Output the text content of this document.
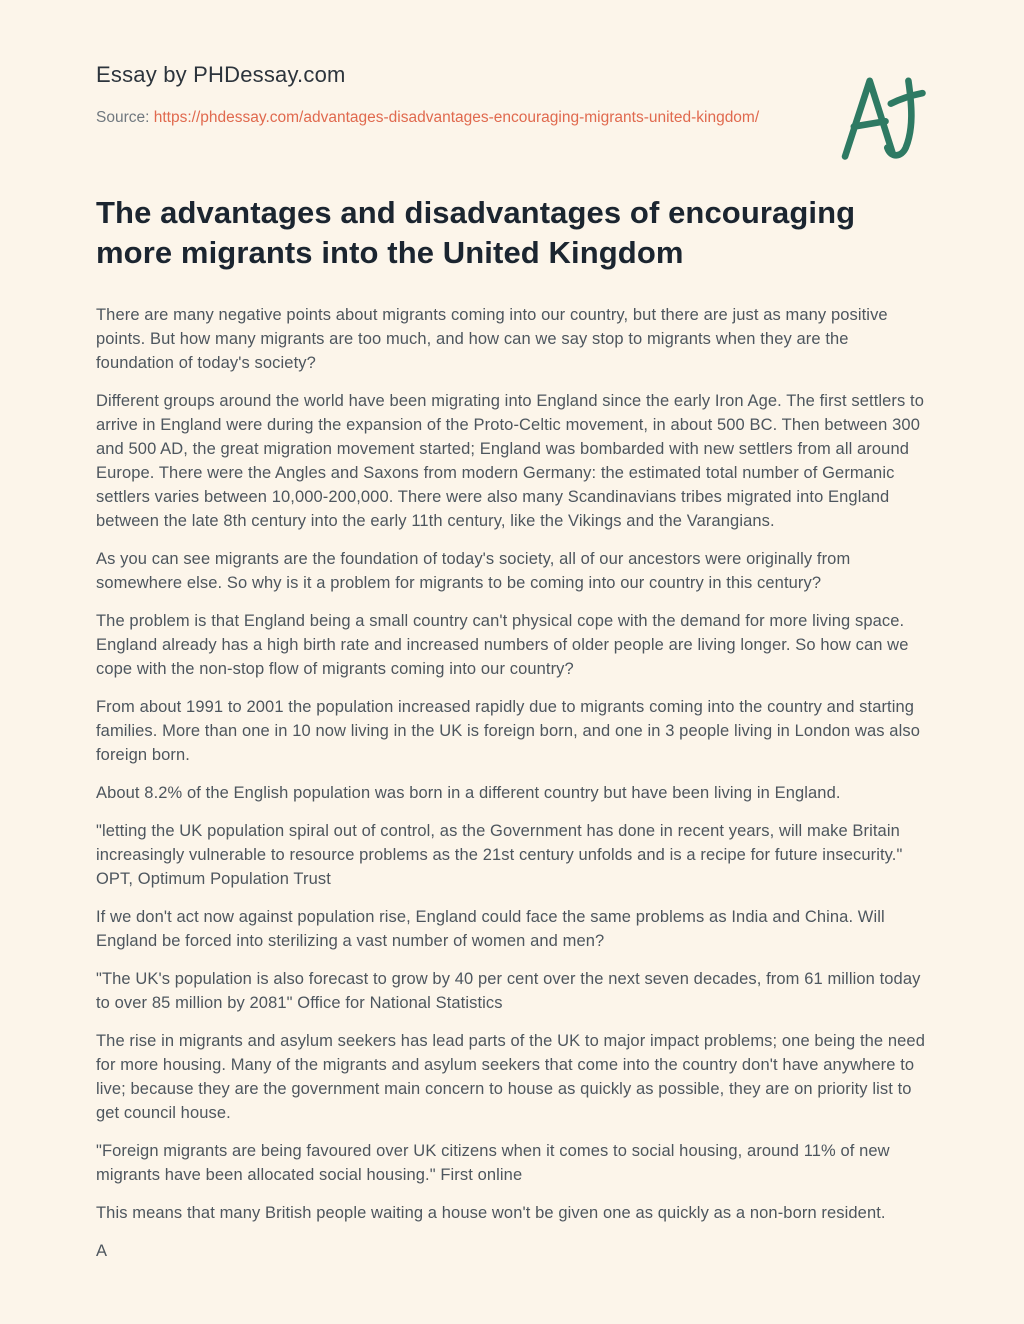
Essay by PHDessay.com
Source: https://phdessay.com/advantages-disadvantages-encouraging-migrants-united-kingdom/
The advantages and disadvantages of encouraging more migrants into the United Kingdom

There are many negative points about migrants coming into our country, but there are just as many positive points. But how many migrants are too much, and how can we say stop to migrants when they are the foundation of today's society?

Different groups around the world have been migrating into England since the early Iron Age. The first settlers to arrive in England were during the expansion of the Proto-Celtic movement, in about 500 BC. Then between 300 and 500 AD, the great migration movement started; England was bombarded with new settlers from all around Europe. There were the Angles and Saxons from modern Germany: the estimated total number of Germanic settlers varies between 10,000-200,000. There were also many Scandinavians tribes migrated into England between the late 8th century into the early 11th century, like the Vikings and the Varangians.

As you can see migrants are the foundation of today's society, all of our ancestors were originally from somewhere else. So why is it a problem for migrants to be coming into our country in this century?

The problem is that England being a small country can't physical cope with the demand for more living space. England already has a high birth rate and increased numbers of older people are living longer. So how can we cope with the non-stop flow of migrants coming into our country?

From about 1991 to 2001 the population increased rapidly due to migrants coming into the country and starting families. More than one in 10 now living in the UK is foreign born, and one in 3 people living in London was also foreign born.

About 8.2% of the English population was born in a different country but have been living in England.

"letting the UK population spiral out of control, as the Government has done in recent years, will make Britain increasingly vulnerable to resource problems as the 21st century unfolds and is a recipe for future insecurity." OPT, Optimum Population Trust

If we don't act now against population rise, England could face the same problems as India and China. Will England be forced into sterilizing a vast number of women and men?

"The UK's population is also forecast to grow by 40 per cent over the next seven decades, from 61 million today to over 85 million by 2081" Office for National Statistics

The rise in migrants and asylum seekers has lead parts of the UK to major impact problems; one being the need for more housing. Many of the migrants and asylum seekers that come into the country don't have anywhere to live; because they are the government main concern to house as quickly as possible, they are on priority list to get council house.

"Foreign migrants are being favoured over UK citizens when it comes to social housing, around 11% of new migrants have been allocated social housing." First online

This means that many British people waiting a house won't be given one as quickly as a non-born resident.

A
